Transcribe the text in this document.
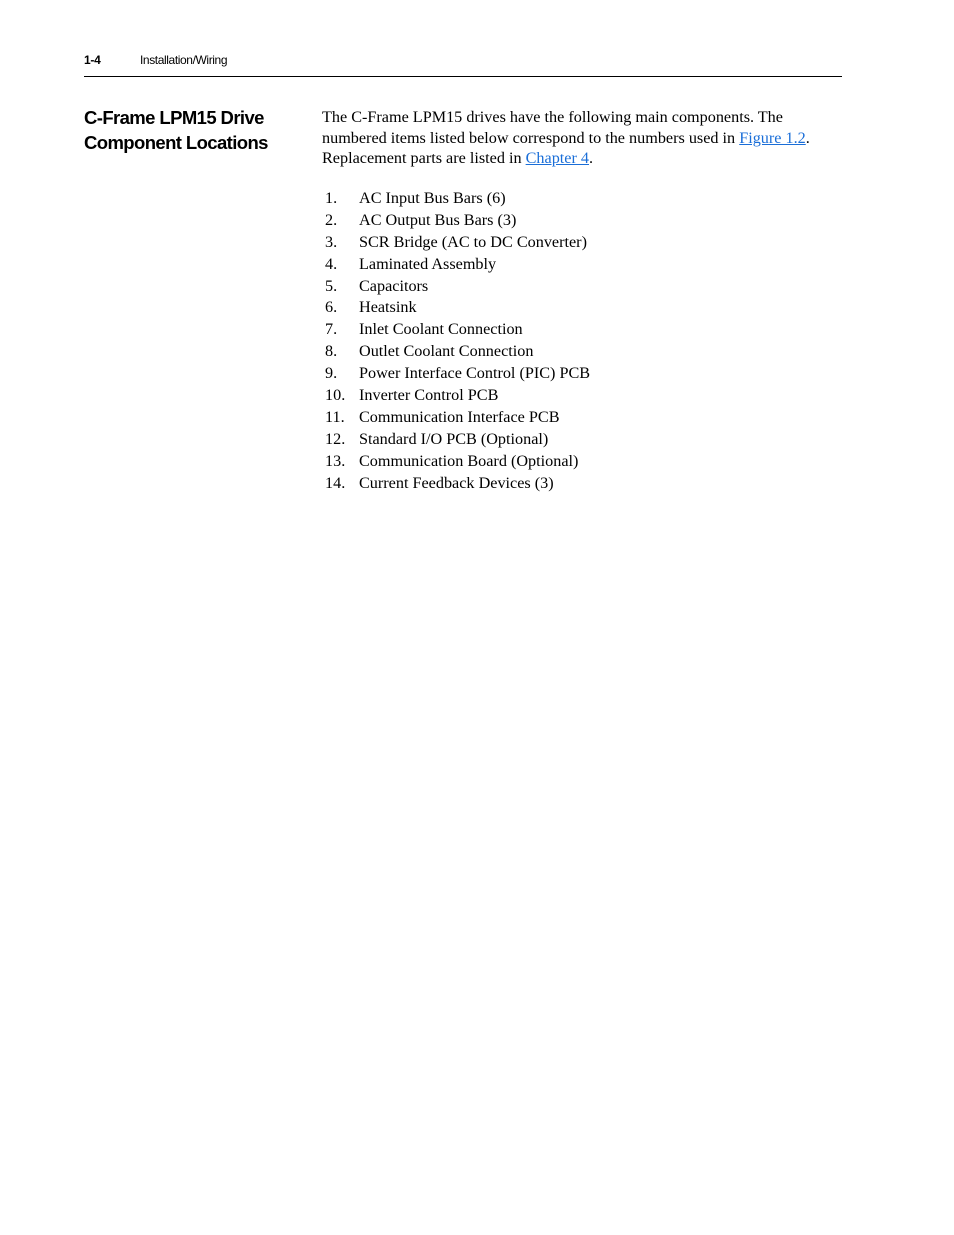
1-4	Installation/Wiring
C-Frame LPM15 Drive
Component Locations

The C-Frame LPM15 drives have the following main components. The
numbered items listed below correspond to the numbers used in Figure 1.2.
Replacement parts are listed in Chapter 4.

1. AC Input Bus Bars (6)
2. AC Output Bus Bars (3)
3. SCR Bridge (AC to DC Converter)
4. Laminated Assembly
5. Capacitors
6. Heatsink
7. Inlet Coolant Connection
8. Outlet Coolant Connection
9. Power Interface Control (PIC) PCB
10. Inverter Control PCB
11. Communication Interface PCB
12. Standard I/O PCB (Optional)
13. Communication Board (Optional)
14. Current Feedback Devices (3)
